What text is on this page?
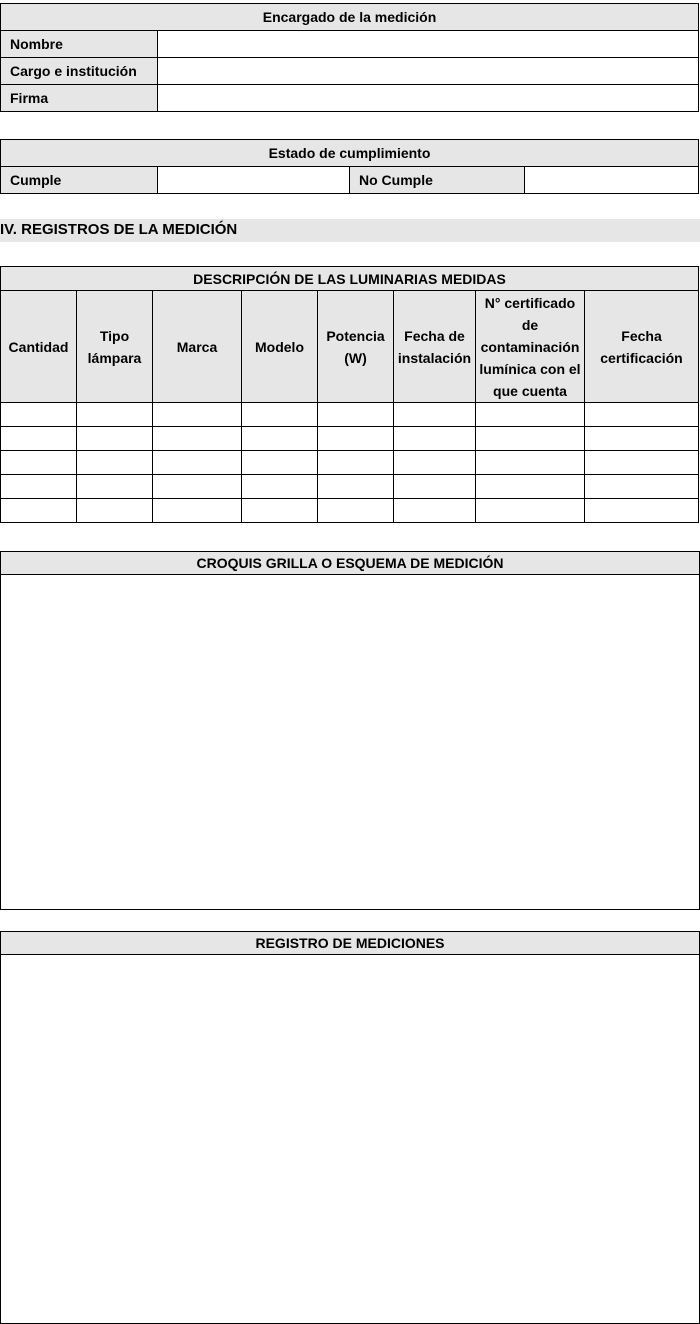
Encargado de la medición	
Nombre	
Cargo e institución	
Firma	
Estado de cumplimiento
Cumple		No Cumple	
IV. REGISTROS DE LA MEDICIÓN
DESCRIPCIÓN DE LAS LUMINARIAS MEDIDAS							
Cantidad	Tipo lámpara	Marca	Modelo	Potencia (W)	Fecha de instalación	N° certificado de contaminación lumínica con el que cuenta	Fecha certificación

CROQUIS GRILLA O ESQUEMA DE MEDICIÓN
REGISTRO DE MEDICIONES
